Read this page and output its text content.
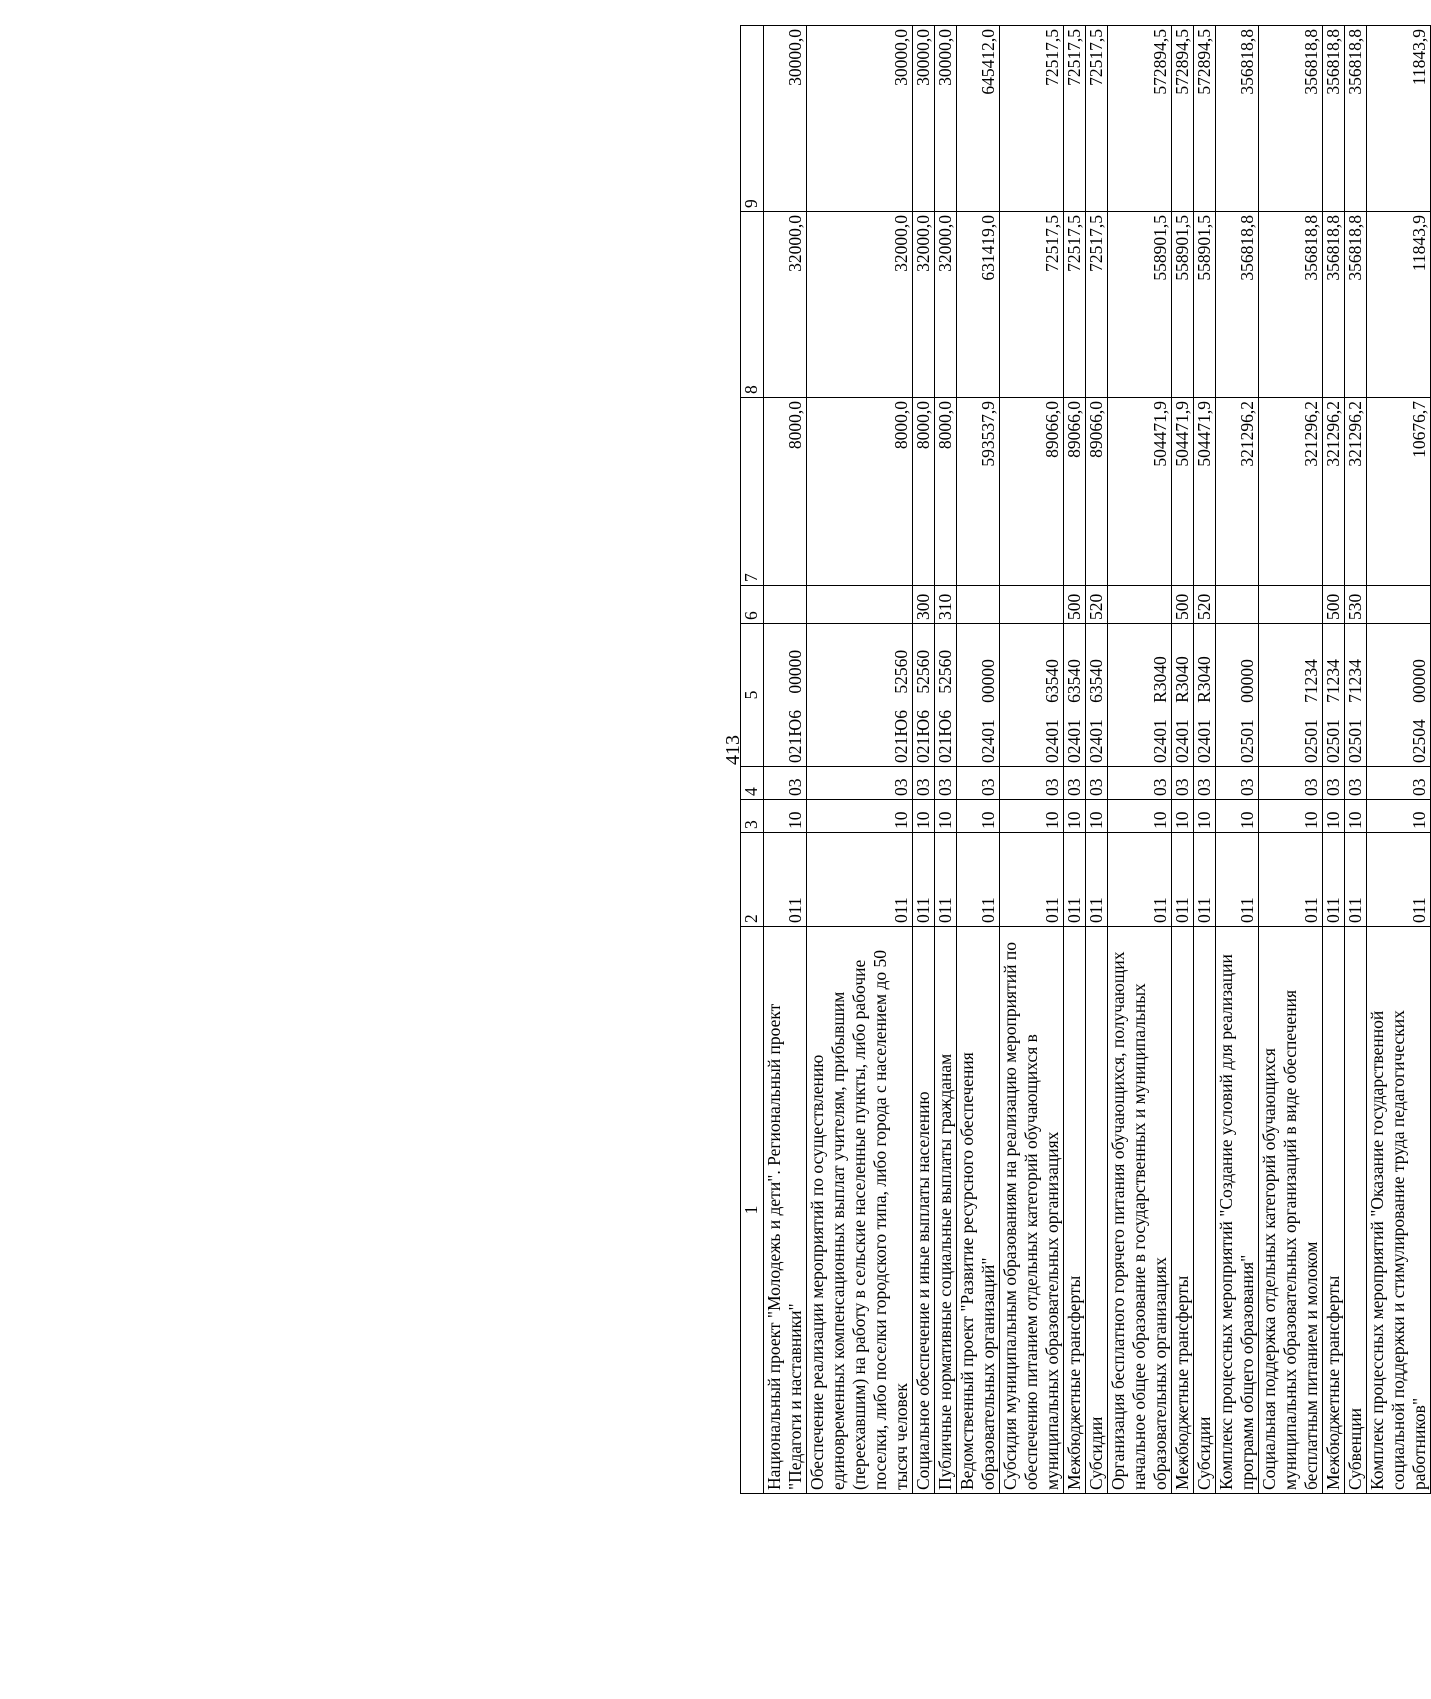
413
1	2	3	4	5	6	7	8	9
Национальный проект "Молодежь и дети". Региональный проект "Педагоги и наставники"	011	10	03	021Ю6 00000		8000,0	32000,0	30000,0
Обеспечение реализации мероприятий по осуществлению единовременных компенсационных выплат учителям, прибывшим (переехавшим) на работу в сельские населенные пункты, либо рабочие поселки, либо поселки городского типа, либо города с населением до 50 тысяч человек	011	10	03	021Ю6 52560		8000,0	32000,0	30000,0
Социальное обеспечение и иные выплаты населению	011	10	03	021Ю6 52560	300	8000,0	32000,0	30000,0
Публичные нормативные социальные выплаты гражданам	011	10	03	021Ю6 52560	310	8000,0	32000,0	30000,0
Ведомственный проект "Развитие ресурсного обеспечения образовательных организаций"	011	10	03	02401 00000		593537,9	631419,0	645412,0
Субсидия муниципальным образованиям на реализацию мероприятий по обеспечению питанием отдельных категорий обучающихся в муниципальных образовательных организациях	011	10	03	02401 63540		89066,0	72517,5	72517,5
Межбюджетные трансферты	011	10	03	02401 63540	500	89066,0	72517,5	72517,5
Субсидии	011	10	03	02401 63540	520	89066,0	72517,5	72517,5
Организация бесплатного горячего питания обучающихся, получающих начальное общее образование в государственных и муниципальных образовательных организациях	011	10	03	02401 R3040		504471,9	558901,5	572894,5
Межбюджетные трансферты	011	10	03	02401 R3040	500	504471,9	558901,5	572894,5
Субсидии	011	10	03	02401 R3040	520	504471,9	558901,5	572894,5
Комплекс процессных мероприятий "Создание условий для реализации программ общего образования"	011	10	03	02501 00000		321296,2	356818,8	356818,8
Социальная поддержка отдельных категорий обучающихся муниципальных образовательных организаций в виде обеспечения бесплатным питанием и молоком	011	10	03	02501 71234		321296,2	356818,8	356818,8
Межбюджетные трансферты	011	10	03	02501 71234	500	321296,2	356818,8	356818,8
Субвенции	011	10	03	02501 71234	530	321296,2	356818,8	356818,8
Комплекс процессных мероприятий "Оказание государственной социальной поддержки и стимулирование труда педагогических работников"	011	10	03	02504 00000		10676,7	11843,9	11843,9
